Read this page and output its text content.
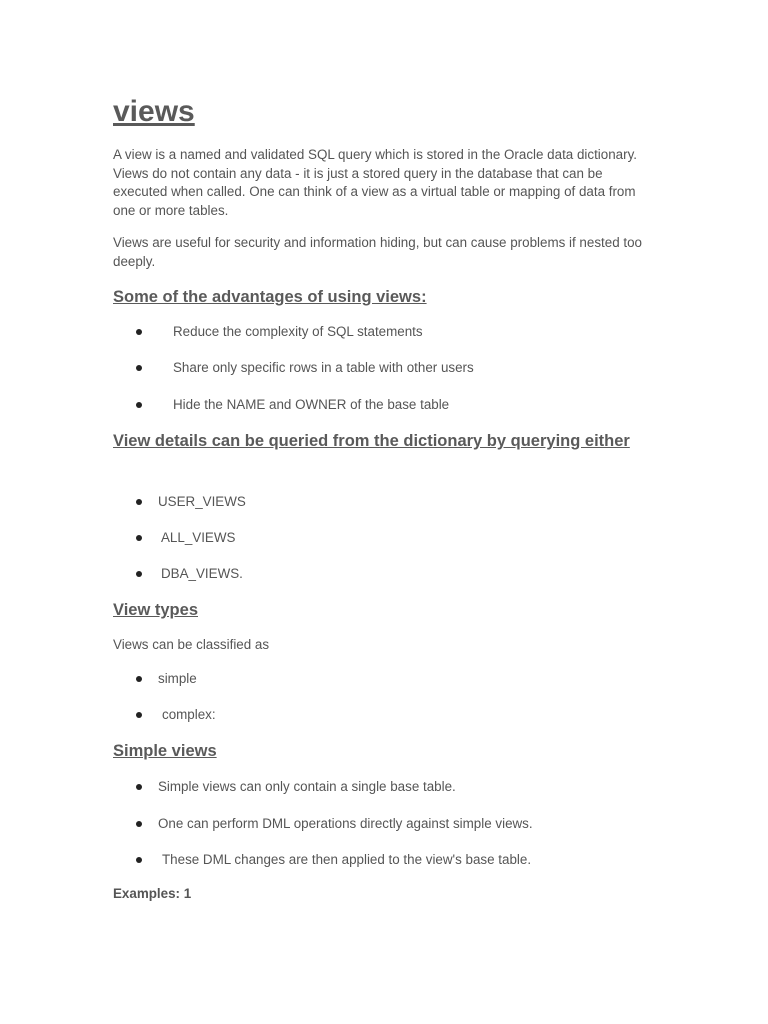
views

A view is a named and validated SQL query which is stored in the Oracle data dictionary. Views do not contain any data - it is just a stored query in the database that can be executed when called. One can think of a view as a virtual table or mapping of data from one or more tables.

Views are useful for security and information hiding, but can cause problems if nested too deeply.

Some of the advantages of using views:
Reduce the complexity of SQL statements
Share only specific rows in a table with other users
Hide the NAME and OWNER of the base table
View details can be queried from the dictionary by querying either
USER_VIEWS
ALL_VIEWS
DBA_VIEWS.
View types

Views can be classified as

simple
complex:
Simple views
Simple views can only contain a single base table.
One can perform DML operations directly against simple views.
These DML changes are then applied to the view's base table.
Examples: 1
